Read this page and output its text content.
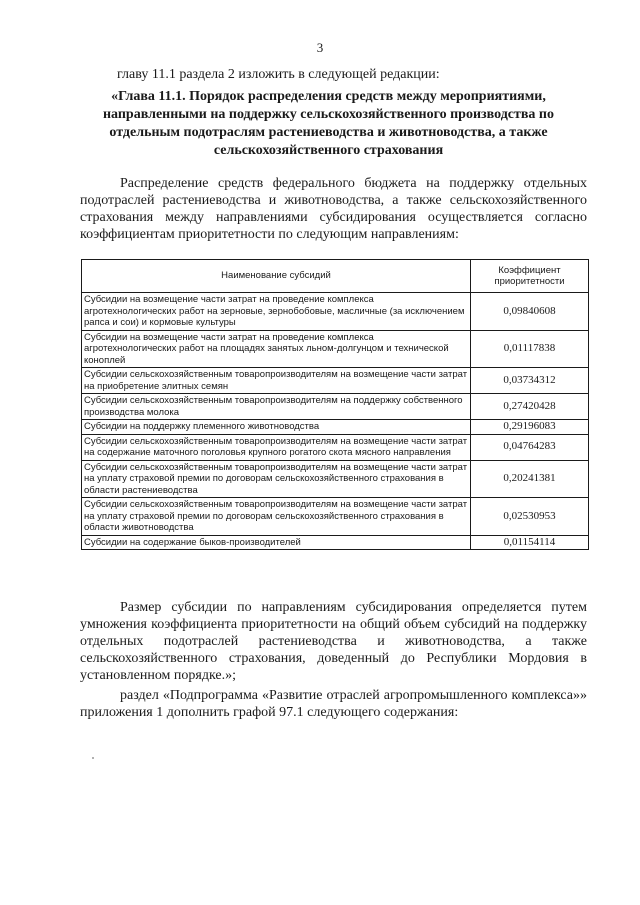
3
главу 11.1 раздела 2 изложить в следующей редакции:
«Глава 11.1. Порядок распределения средств между мероприятиями, направленными на поддержку сельскохозяйственного производства по отдельным подотраслям растениеводства и животноводства, а также сельскохозяйственного страхования
Распределение средств федерального бюджета на поддержку отдельных подотраслей растениеводства и животноводства, а также сельскохозяйственного страхования между направлениями субсидирования осуществляется согласно коэффициентам приоритетности по следующим направлениям:
Наименование субсидий	Коэффициент приоритетности
Субсидии на возмещение части затрат на проведение комплекса агротехнологических работ на зерновые, зернобобовые, масличные (за исключением рапса и сои) и кормовые культуры	0,09840608
Субсидии на возмещение части затрат на проведение комплекса агротехнологических работ на площадях занятых льном-долгунцом и технической коноплей	0,01117838
Субсидии сельскохозяйственным товаропроизводителям на возмещение части затрат на приобретение элитных семян	0,03734312
Субсидии сельскохозяйственным товаропроизводителям на поддержку собственного производства молока	0,27420428
Субсидии на поддержку племенного животноводства	0,29196083
Субсидии сельскохозяйственным товаропроизводителям на возмещение части затрат на содержание маточного поголовья крупного рогатого скота мясного направления	0,04764283
Субсидии сельскохозяйственным товаропроизводителям на возмещение части затрат на уплату страховой премии по договорам сельскохозяйственного страхования в области растениеводства	0,20241381
Субсидии сельскохозяйственным товаропроизводителям на возмещение части затрат на уплату страховой премии по договорам сельскохозяйственного страхования в области животноводства	0,02530953
Субсидии на содержание быков-производителей	0,01154114
Размер субсидии по направлениям субсидирования определяется путем умножения коэффициента приоритетности на общий объем субсидий на поддержку отдельных подотраслей растениеводства и животноводства, а также сельскохозяйственного страхования, доведенный до Республики Мордовия в установленном порядке.»;
раздел «Подпрограмма «Развитие отраслей агропромышленного комплекса»» приложения 1 дополнить графой 97.1 следующего содержания:
